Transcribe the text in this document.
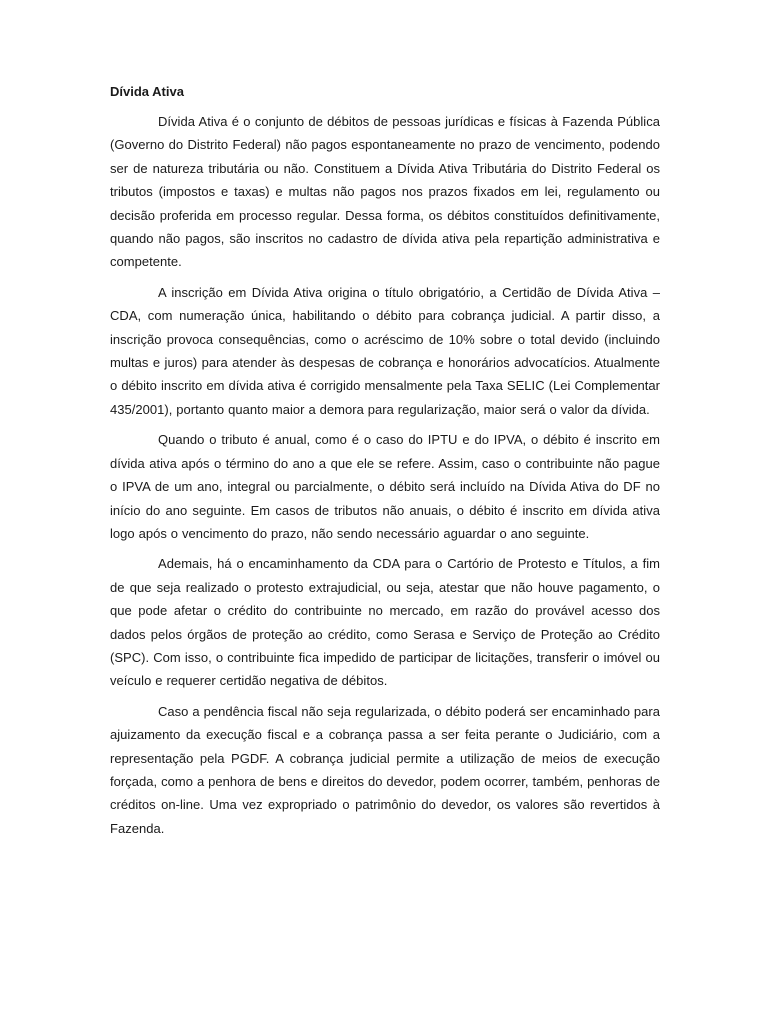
Dívida Ativa

Dívida Ativa é o conjunto de débitos de pessoas jurídicas e físicas à Fazenda Pública (Governo do Distrito Federal) não pagos espontaneamente no prazo de vencimento, podendo ser de natureza tributária ou não. Constituem a Dívida Ativa Tributária do Distrito Federal os tributos (impostos e taxas) e multas não pagos nos prazos fixados em lei, regulamento ou decisão proferida em processo regular. Dessa forma, os débitos constituídos definitivamente, quando não pagos, são inscritos no cadastro de dívida ativa pela repartição administrativa e competente.

A inscrição em Dívida Ativa origina o título obrigatório, a Certidão de Dívida Ativa – CDA, com numeração única, habilitando o débito para cobrança judicial. A partir disso, a inscrição provoca consequências, como o acréscimo de 10% sobre o total devido (incluindo multas e juros) para atender às despesas de cobrança e honorários advocatícios. Atualmente o débito inscrito em dívida ativa é corrigido mensalmente pela Taxa SELIC (Lei Complementar 435/2001), portanto quanto maior a demora para regularização, maior será o valor da dívida.

Quando o tributo é anual, como é o caso do IPTU e do IPVA, o débito é inscrito em dívida ativa após o término do ano a que ele se refere. Assim, caso o contribuinte não pague o IPVA de um ano, integral ou parcialmente, o débito será incluído na Dívida Ativa do DF no início do ano seguinte. Em casos de tributos não anuais, o débito é inscrito em dívida ativa logo após o vencimento do prazo, não sendo necessário aguardar o ano seguinte.

Ademais, há o encaminhamento da CDA para o Cartório de Protesto e Títulos, a fim de que seja realizado o protesto extrajudicial, ou seja, atestar que não houve pagamento, o que pode afetar o crédito do contribuinte no mercado, em razão do provável acesso dos dados pelos órgãos de proteção ao crédito, como Serasa e Serviço de Proteção ao Crédito (SPC). Com isso, o contribuinte fica impedido de participar de licitações, transferir o imóvel ou veículo e requerer certidão negativa de débitos.

Caso a pendência fiscal não seja regularizada, o débito poderá ser encaminhado para ajuizamento da execução fiscal e a cobrança passa a ser feita perante o Judiciário, com a representação pela PGDF. A cobrança judicial permite a utilização de meios de execução forçada, como a penhora de bens e direitos do devedor, podem ocorrer, também, penhoras de créditos on-line. Uma vez expropriado o patrimônio do devedor, os valores são revertidos à Fazenda.
